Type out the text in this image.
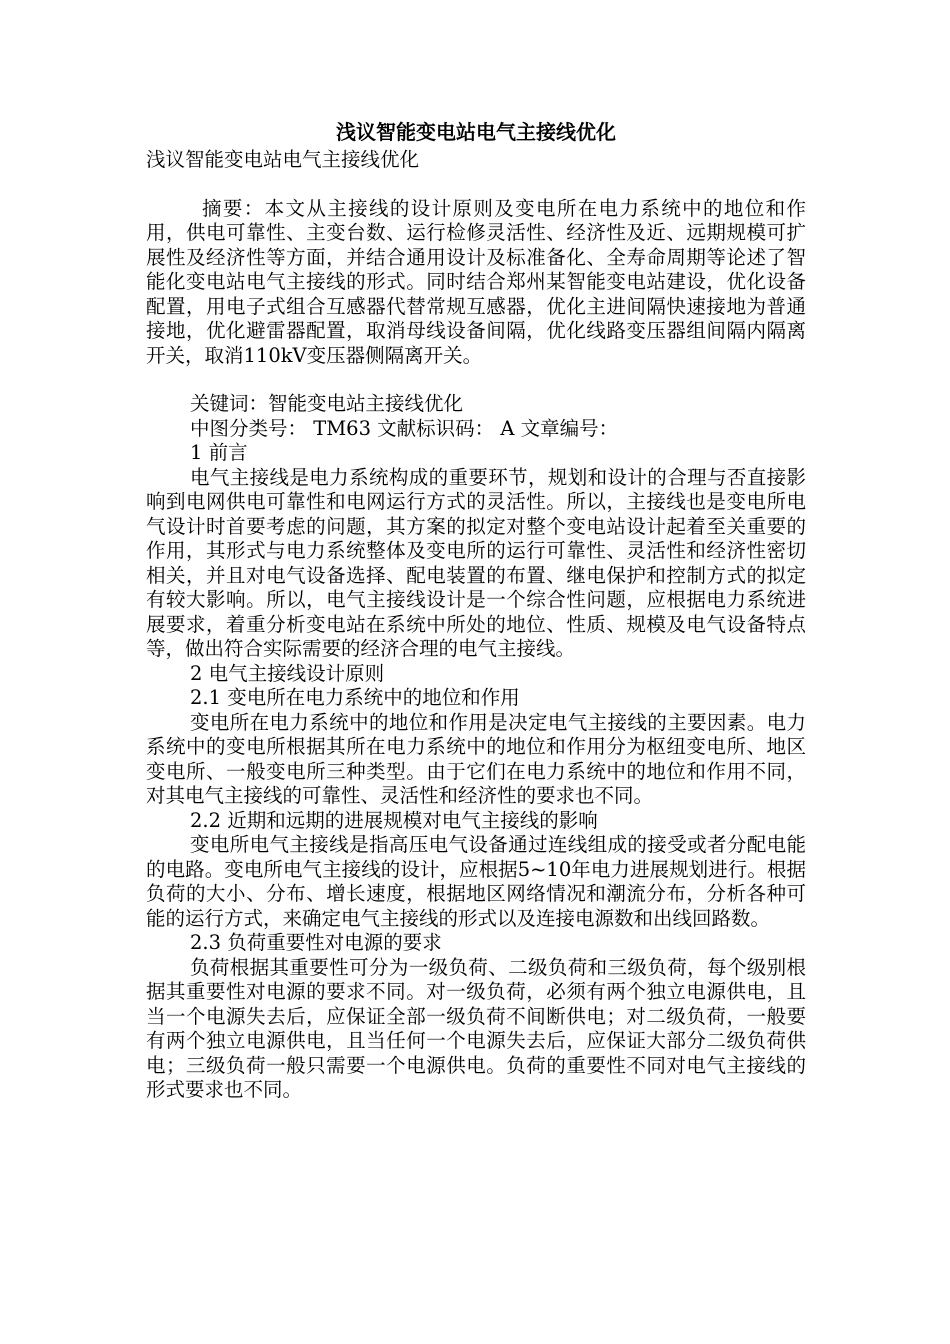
浅议智能变电站电气主接线优化

浅议智能变电站电气主接线优化

摘要：本文从主接线的设计原则及变电所在电力系统中的地位和作用，供电可靠性、主变台数、运行检修灵活性、经济性及近、远期规模可扩展性及经济性等方面，并结合通用设计及标准备化、全寿命周期等论述了智能化变电站电气主接线的形式。同时结合郑州某智能变电站建设，优化设备配置，用电子式组合互感器代替常规互感器，优化主进间隔快速接地为普通接地，优化避雷器配置，取消母线设备间隔，优化线路变压器组间隔内隔离开关，取消110kV变压器侧隔离开关。

关键词：智能变电站主接线优化

中图分类号： TM63 文献标识码： A 文章编号：

1 前言

电气主接线是电力系统构成的重要环节，规划和设计的合理与否直接影响到电网供电可靠性和电网运行方式的灵活性。所以，主接线也是变电所电气设计时首要考虑的问题，其方案的拟定对整个变电站设计起着至关重要的作用，其形式与电力系统整体及变电所的运行可靠性、灵活性和经济性密切相关，并且对电气设备选择、配电装置的布置、继电保护和控制方式的拟定有较大影响。所以，电气主接线设计是一个综合性问题，应根据电力系统进展要求，着重分析变电站在系统中所处的地位、性质、规模及电气设备特点等，做出符合实际需要的经济合理的电气主接线。

2 电气主接线设计原则

2.1 变电所在电力系统中的地位和作用

变电所在电力系统中的地位和作用是决定电气主接线的主要因素。电力系统中的变电所根据其所在电力系统中的地位和作用分为枢纽变电所、地区变电所、一般变电所三种类型。由于它们在电力系统中的地位和作用不同，对其电气主接线的可靠性、灵活性和经济性的要求也不同。

2.2 近期和远期的进展规模对电气主接线的影响

变电所电气主接线是指高压电气设备通过连线组成的接受或者分配电能的电路。变电所电气主接线的设计，应根据5~10年电力进展规划进行。根据负荷的大小、分布、增长速度，根据地区网络情况和潮流分布，分析各种可能的运行方式，来确定电气主接线的形式以及连接电源数和出线回路数。

2.3 负荷重要性对电源的要求

负荷根据其重要性可分为一级负荷、二级负荷和三级负荷，每个级别根据其重要性对电源的要求不同。对一级负荷，必须有两个独立电源供电，且当一个电源失去后，应保证全部一级负荷不间断供电；对二级负荷，一般要有两个独立电源供电，且当任何一个电源失去后，应保证大部分二级负荷供电；三级负荷一般只需要一个电源供电。负荷的重要性不同对电气主接线的形式要求也不同。
